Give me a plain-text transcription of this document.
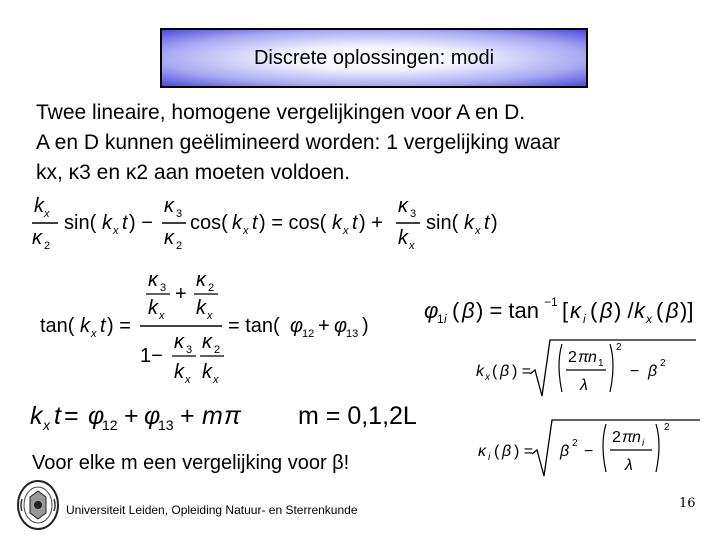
Discrete oplossingen: modi
Twee lineaire, homogene vergelijkingen voor A en D.
A en D kunnen geëlimineerd worden: 1 vergelijking waar
kx, κ3 en κ2 aan moeten voldoen.
k x
κ 2
sin( k x t ) −
κ 3
κ 2
cos( k x t ) = cos( k x t ) +
κ 3
k x
sin( k x t )
tan( k x t ) =
κ 3
k x
+
κ 2
k x
1−
κ 3
k x
κ 2
k x
= tan( φ
12 + φ
13 )
k x t = φ
12 + φ
13 + m π m = 0,1,2L
φ
1 i ( β ) = tan −1 [ κ i ( β ) / k x ( β )]
k x ( β ) =
2 π n 1
λ
2
− β 2
κ i ( β ) = β 2 −
2 π n i
λ
2
Voor elke m een vergelijking voor β!
Universiteit Leiden, Opleiding Natuur- en Sterrenkunde	16
